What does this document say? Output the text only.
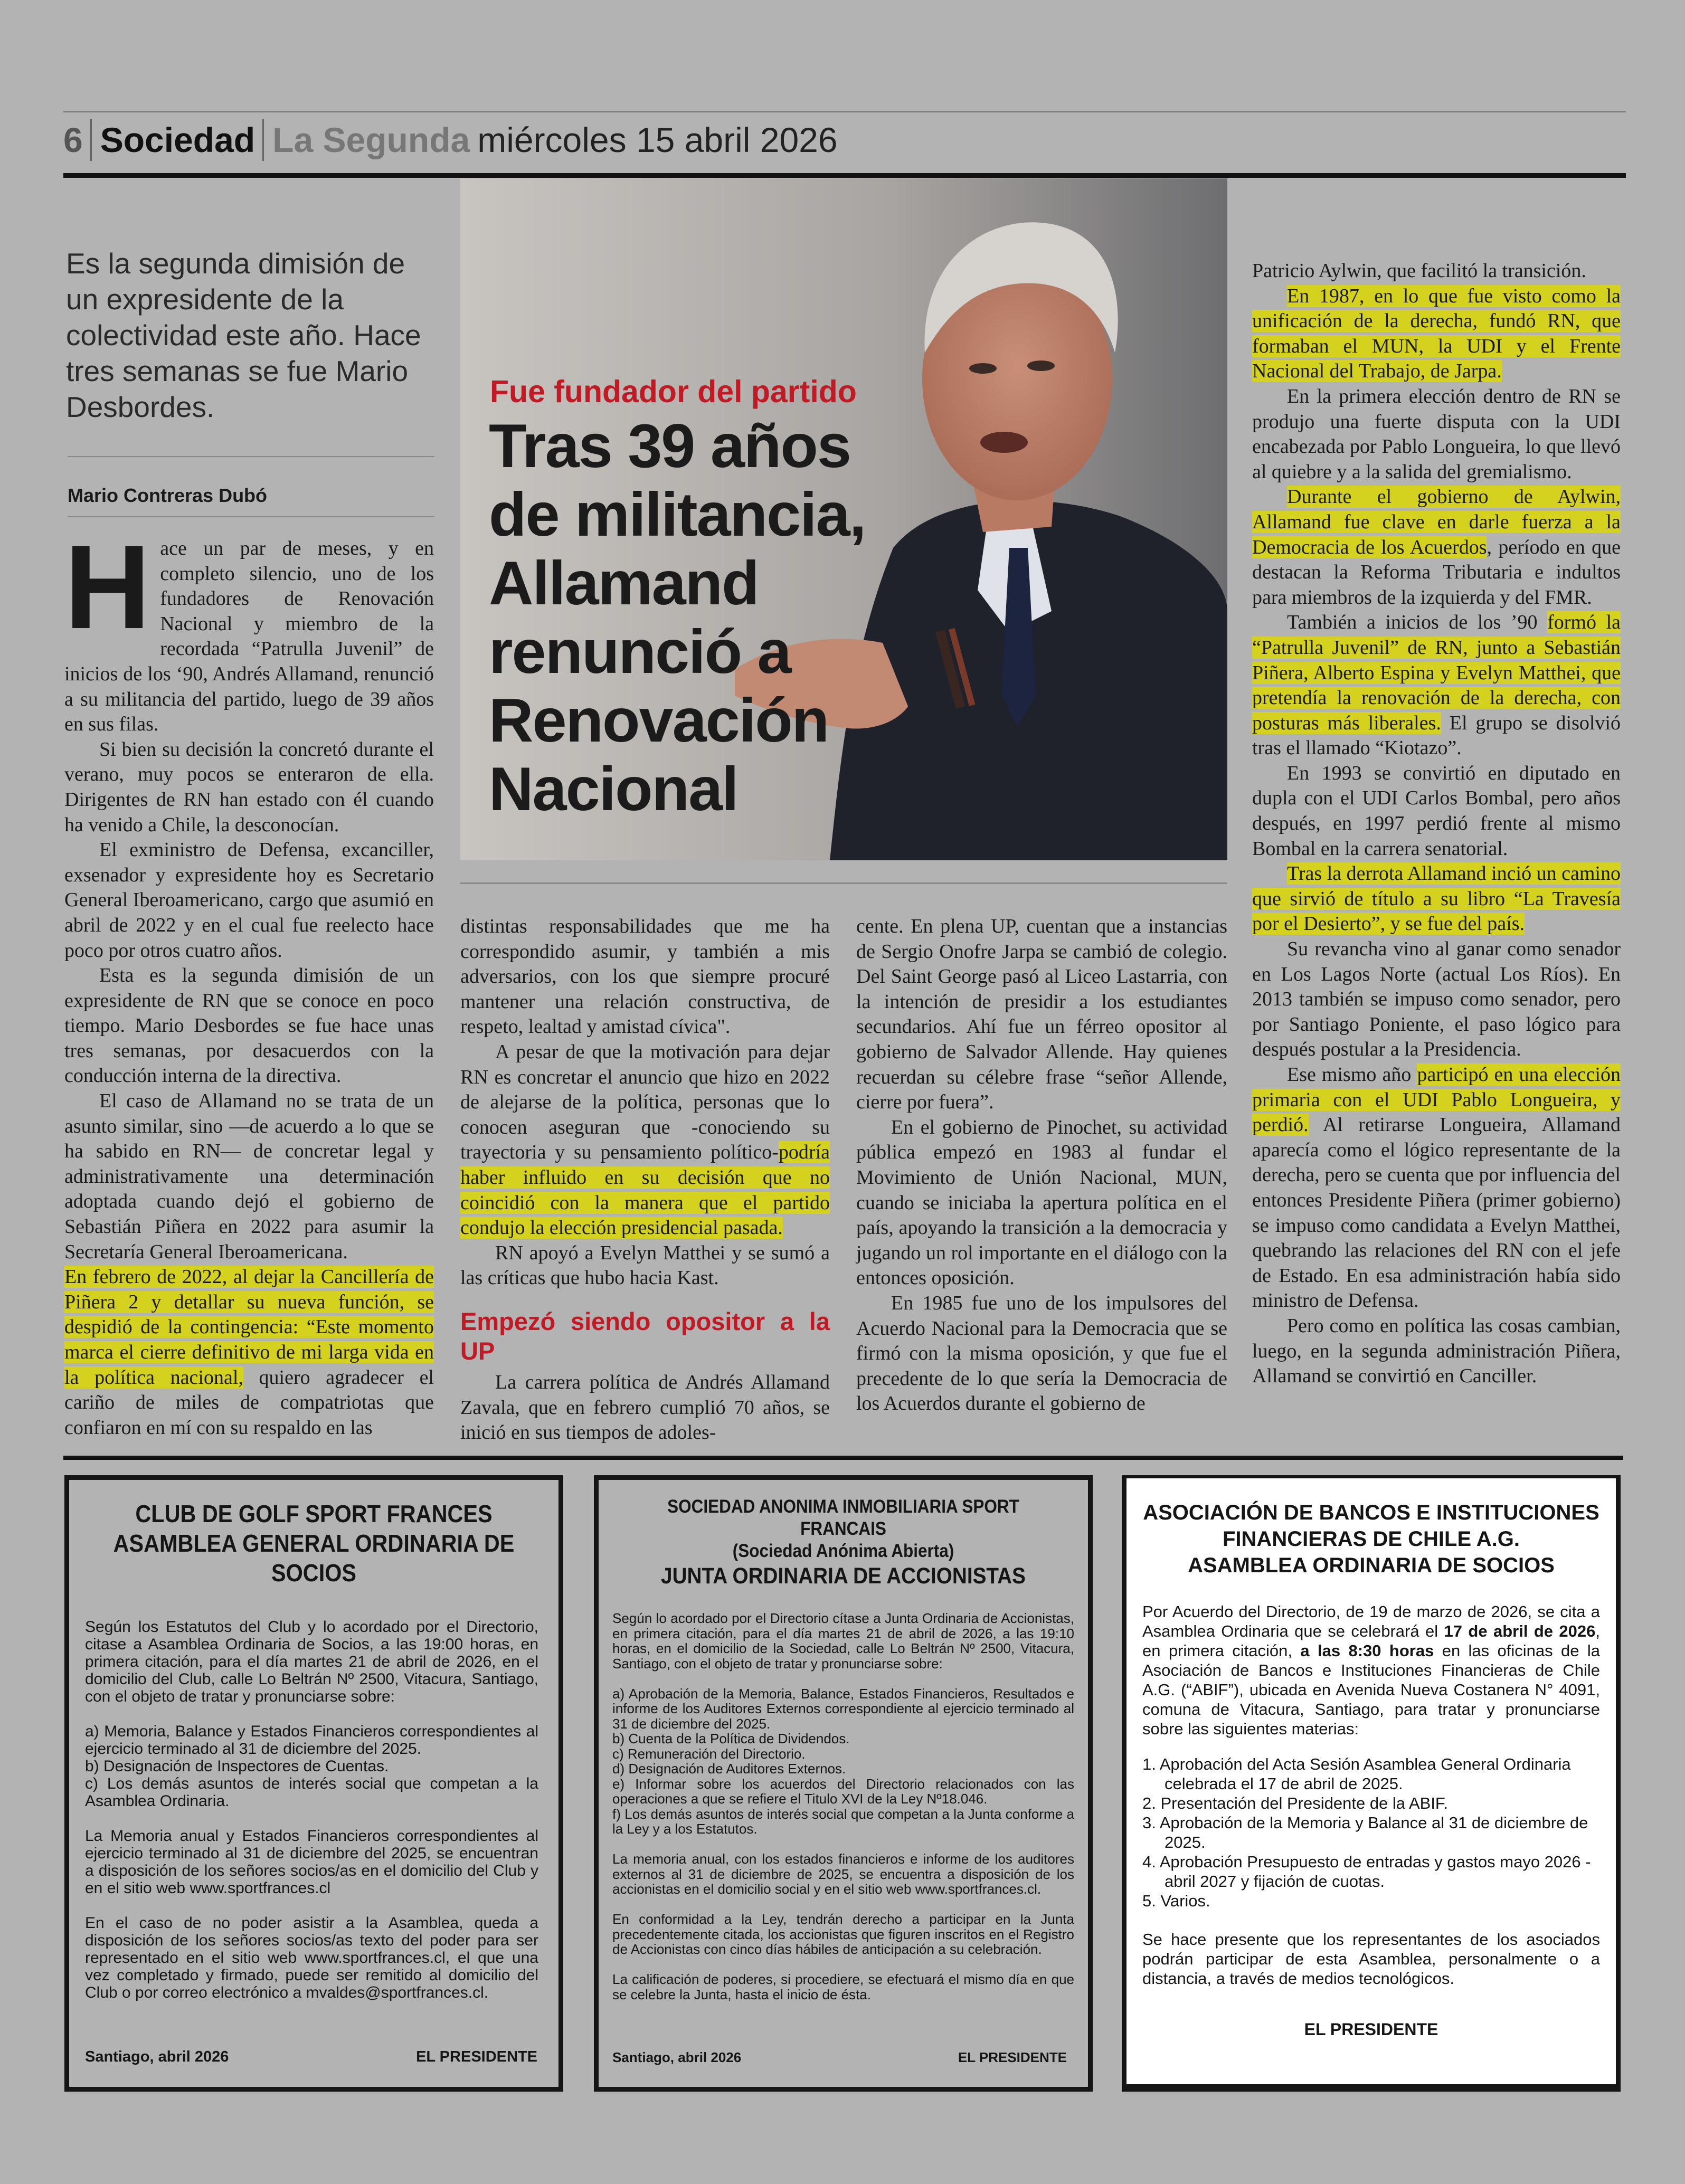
6 Sociedad La Segunda miércoles 15 abril 2026
Fue fundador del partido
Tras 39 años de militancia, Allamand renunció a Renovación Nacional
Es la segunda dimisión de un expresidente de la colectividad este año. Hace tres semanas se fue Mario Desbordes.
Mario Contreras Dubó

Hace un par de meses, y en completo silencio, uno de los fundadores de Renovación Nacional y miembro de la recordada “Patrulla Juvenil” de inicios de los ‘90, Andrés Allamand, renunció a su militancia del partido, luego de 39 años en sus filas.

Si bien su decisión la concretó durante el verano, muy pocos se enteraron de ella. Dirigentes de RN han estado con él cuando ha venido a Chile, la desconocían.

El exministro de Defensa, excanciller, exsenador y expresidente hoy es Secretario General Iberoamericano, cargo que asumió en abril de 2022 y en el cual fue reelecto hace poco por otros cuatro años.

Esta es la segunda dimisión de un expresidente de RN que se conoce en poco tiempo. Mario Desbordes se fue hace unas tres semanas, por desacuerdos con la conducción interna de la directiva.

El caso de Allamand no se trata de un asunto similar, sino —de acuerdo a lo que se ha sabido en RN— de concretar legal y administrativamente una determinación adoptada cuando dejó el gobierno de Sebastián Piñera en 2022 para asumir la Secretaría General Iberoamericana.

En febrero de 2022, al dejar la Cancillería de Piñera 2 y detallar su nueva función, se despidió de la contingencia: “Este momento marca el cierre definitivo de mi larga vida en la política nacional, quiero agradecer el cariño de miles de compatriotas que confiaron en mí con su respaldo en las

distintas responsabilidades que me ha correspondido asumir, y también a mis adversarios, con los que siempre procuré mantener una relación constructiva, de respeto, lealtad y amistad cívica".

A pesar de que la motivación para dejar RN es concretar el anuncio que hizo en 2022 de alejarse de la política, personas que lo conocen aseguran que -conociendo su trayectoria y su pensamiento político-podría haber influido en su decisión que no coincidió con la manera que el partido condujo la elección presidencial pasada.

RN apoyó a Evelyn Matthei y se sumó a las críticas que hubo hacia Kast.

Empezó siendo opositor a la UP

La carrera política de Andrés Allamand Zavala, que en febrero cumplió 70 años, se inició en sus tiempos de adoles-

cente. En plena UP, cuentan que a instancias de Sergio Onofre Jarpa se cambió de colegio. Del Saint George pasó al Liceo Lastarria, con la intención de presidir a los estudiantes secundarios. Ahí fue un férreo opositor al gobierno de Salvador Allende. Hay quienes recuerdan su célebre frase “señor Allende, cierre por fuera”.

En el gobierno de Pinochet, su actividad pública empezó en 1983 al fundar el Movimiento de Unión Nacional, MUN, cuando se iniciaba la apertura política en el país, apoyando la transición a la democracia y jugando un rol importante en el diálogo con la entonces oposición.

En 1985 fue uno de los impulsores del Acuerdo Nacional para la Democracia que se firmó con la misma oposición, y que fue el precedente de lo que sería la Democracia de los Acuerdos durante el gobierno de

Patricio Aylwin, que facilitó la transición.

En 1987, en lo que fue visto como la unificación de la derecha, fundó RN, que formaban el MUN, la UDI y el Frente Nacional del Trabajo, de Jarpa.

En la primera elección dentro de RN se produjo una fuerte disputa con la UDI encabezada por Pablo Longueira, lo que llevó al quiebre y a la salida del gremialismo.

Durante el gobierno de Aylwin, Allamand fue clave en darle fuerza a la Democracia de los Acuerdos, período en que destacan la Reforma Tributaria e indultos para miembros de la izquierda y del FMR.

También a inicios de los ’90 formó la “Patrulla Juvenil” de RN, junto a Sebastián Piñera, Alberto Espina y Evelyn Matthei, que pretendía la renovación de la derecha, con posturas más liberales. El grupo se disolvió tras el llamado “Kiotazo”.

En 1993 se convirtió en diputado en dupla con el UDI Carlos Bombal, pero años después, en 1997 perdió frente al mismo Bombal en la carrera senatorial.

Tras la derrota Allamand inció un camino que sirvió de título a su libro “La Travesía por el Desierto”, y se fue del país.

Su revancha vino al ganar como senador en Los Lagos Norte (actual Los Ríos). En 2013 también se impuso como senador, pero por Santiago Poniente, el paso lógico para después postular a la Presidencia.

Ese mismo año participó en una elección primaria con el UDI Pablo Longueira, y perdió. Al retirarse Longueira, Allamand aparecía como el lógico representante de la derecha, pero se cuenta que por influencia del entonces Presidente Piñera (primer gobierno) se impuso como candidata a Evelyn Matthei, quebrando las relaciones del RN con el jefe de Estado. En esa administración había sido ministro de Defensa.

Pero como en política las cosas cambian, luego, en la segunda administración Piñera, Allamand se convirtió en Canciller.

CLUB DE GOLF SPORT FRANCES
ASAMBLEA GENERAL ORDINARIA DE SOCIOS
Según los Estatutos del Club y lo acordado por el Directorio, citase a Asamblea Ordinaria de Socios, a las 19:00 horas, en primera citación, para el día martes 21 de abril de 2026, en el domicilio del Club, calle Lo Beltrán Nº 2500, Vitacura, Santiago, con el objeto de tratar y pronunciarse sobre:

a) Memoria, Balance y Estados Financieros correspondientes al ejercicio terminado al 31 de diciembre del 2025.
b) Designación de Inspectores de Cuentas.
c) Los demás asuntos de interés social que competan a la Asamblea Ordinaria.

La Memoria anual y Estados Financieros correspondientes al ejercicio terminado al 31 de diciembre del 2025, se encuentran a disposición de los señores socios/as en el domicilio del Club y en el sitio web www.sportfrances.cl

En el caso de no poder asistir a la Asamblea, queda a disposición de los señores socios/as texto del poder para ser representado en el sitio web www.sportfrances.cl, el que una vez completado y firmado, puede ser remitido al domicilio del Club o por correo electrónico a mvaldes@sportfrances.cl.
Santiago, abril 2026	EL PRESIDENTE
SOCIEDAD ANONIMA INMOBILIARIA SPORT FRANCAIS
(Sociedad Anónima Abierta)
JUNTA ORDINARIA DE ACCIONISTAS
Según lo acordado por el Directorio cítase a Junta Ordinaria de Accionistas, en primera citación, para el día martes 21 de abril de 2026, a las 19:10 horas, en el domicilio de la Sociedad, calle Lo Beltrán Nº 2500, Vitacura, Santiago, con el objeto de tratar y pronunciarse sobre:

a) Aprobación de la Memoria, Balance, Estados Financieros, Resultados e informe de los Auditores Externos correspondiente al ejercicio terminado al 31 de diciembre del 2025.
b) Cuenta de la Política de Dividendos.
c) Remuneración del Directorio.
d) Designación de Auditores Externos.
e) Informar sobre los acuerdos del Directorio relacionados con las operaciones a que se refiere el Titulo XVI de la Ley Nº18.046.
f) Los demás asuntos de interés social que competan a la Junta conforme a la Ley y a los Estatutos.

La memoria anual, con los estados financieros e informe de los auditores externos al 31 de diciembre de 2025, se encuentra a disposición de los accionistas en el domicilio social y en el sitio web www.sportfrances.cl.

En conformidad a la Ley, tendrán derecho a participar en la Junta precedentemente citada, los accionistas que figuren inscritos en el Registro de Accionistas con cinco días hábiles de anticipación a su celebración.

La calificación de poderes, si procediere, se efectuará el mismo día en que se celebre la Junta, hasta el inicio de ésta.
Santiago, abril 2026	EL PRESIDENTE
ASOCIACIÓN DE BANCOS E INSTITUCIONES
FINANCIERAS DE CHILE A.G.
ASAMBLEA ORDINARIA DE SOCIOS
Por Acuerdo del Directorio, de 19 de marzo de 2026, se cita a Asamblea Ordinaria que se celebrará el 17 de abril de 2026, en primera citación, a las 8:30 horas en las oficinas de la Asociación de Bancos e Instituciones Financieras de Chile A.G. (“ABIF”), ubicada en Avenida Nueva Costanera N° 4091, comuna de Vitacura, Santiago, para tratar y pronunciarse sobre las siguientes materias:
1. Aprobación del Acta Sesión Asamblea General Ordinaria celebrada el 17 de abril de 2025.
2. Presentación del Presidente de la ABIF.
3. Aprobación de la Memoria y Balance al 31 de diciembre de 2025.
4. Aprobación Presupuesto de entradas y gastos mayo 2026 - abril 2027 y fijación de cuotas.
5. Varios.
Se hace presente que los representantes de los asociados podrán participar de esta Asamblea, personalmente o a distancia, a través de medios tecnológicos.
EL PRESIDENTE
